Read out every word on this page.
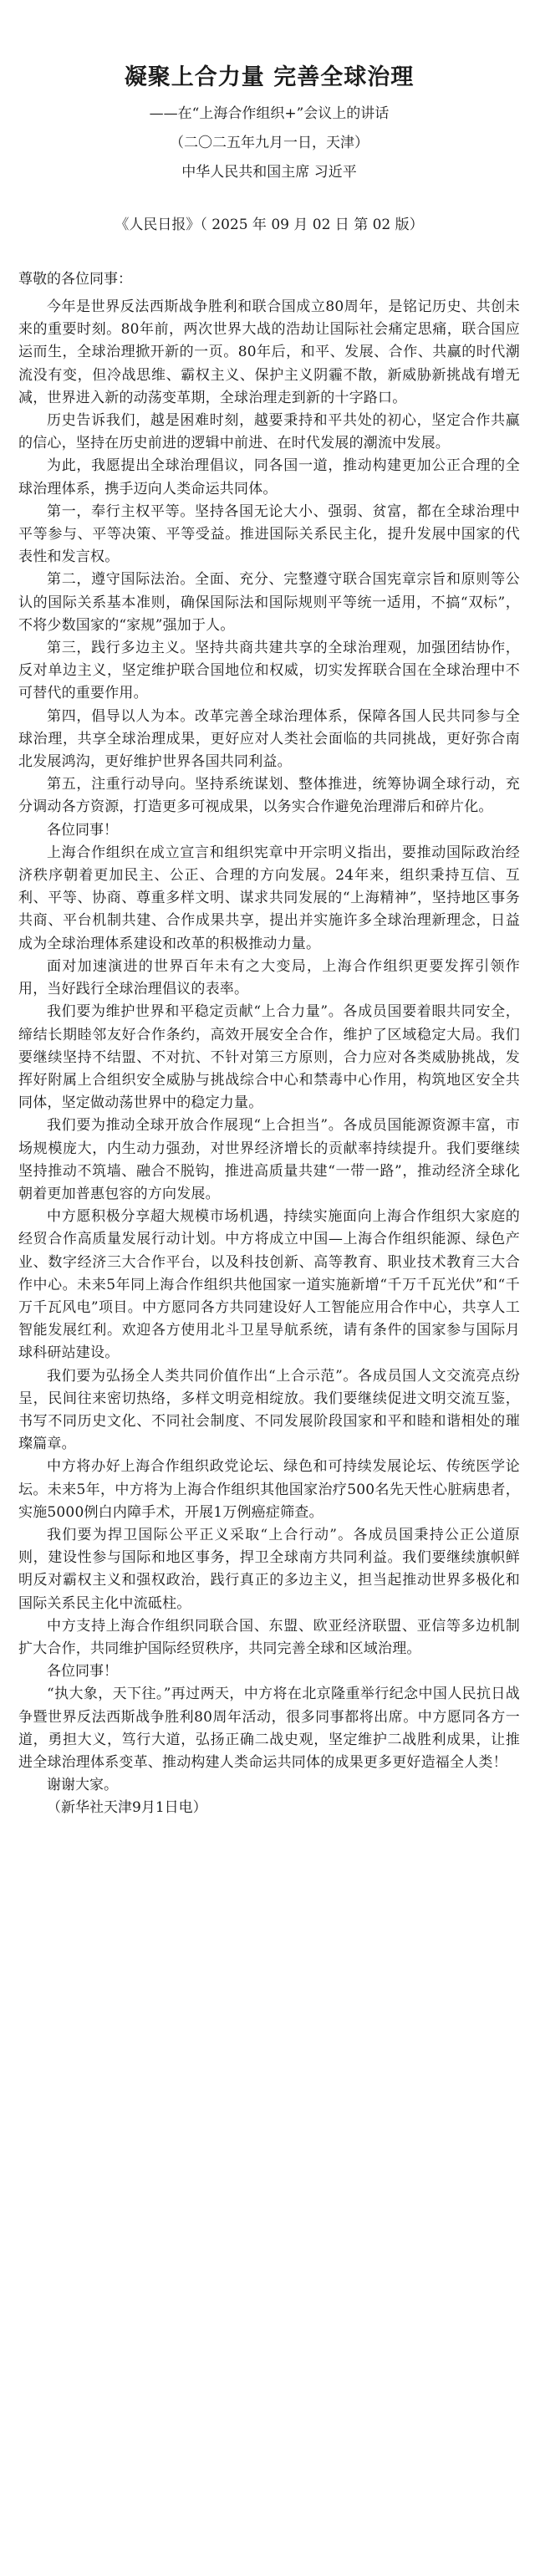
凝聚上合力量 完善全球治理

——在“上海合作组织+”会议上的讲话

（二〇二五年九月一日，天津）

中华人民共和国主席 习近平

《人民日报》（ 2025 年 09 月 02 日 第 02 版）

尊敬的各位同事：

今年是世界反法西斯战争胜利和联合国成立80周年，是铭记历史、共创未来的重要时刻。80年前，两次世界大战的浩劫让国际社会痛定思痛，联合国应运而生，全球治理掀开新的一页。80年后，和平、发展、合作、共赢的时代潮流没有变，但冷战思维、霸权主义、保护主义阴霾不散，新威胁新挑战有增无减，世界进入新的动荡变革期，全球治理走到新的十字路口。

历史告诉我们，越是困难时刻，越要秉持和平共处的初心，坚定合作共赢的信心，坚持在历史前进的逻辑中前进、在时代发展的潮流中发展。

为此，我愿提出全球治理倡议，同各国一道，推动构建更加公正合理的全球治理体系，携手迈向人类命运共同体。

第一，奉行主权平等。坚持各国无论大小、强弱、贫富，都在全球治理中平等参与、平等决策、平等受益。推进国际关系民主化，提升发展中国家的代表性和发言权。

第二，遵守国际法治。全面、充分、完整遵守联合国宪章宗旨和原则等公认的国际关系基本准则，确保国际法和国际规则平等统一适用，不搞“双标”，不将少数国家的“家规”强加于人。

第三，践行多边主义。坚持共商共建共享的全球治理观，加强团结协作，反对单边主义，坚定维护联合国地位和权威，切实发挥联合国在全球治理中不可替代的重要作用。

第四，倡导以人为本。改革完善全球治理体系，保障各国人民共同参与全球治理，共享全球治理成果，更好应对人类社会面临的共同挑战，更好弥合南北发展鸿沟，更好维护世界各国共同利益。

第五，注重行动导向。坚持系统谋划、整体推进，统筹协调全球行动，充分调动各方资源，打造更多可视成果，以务实合作避免治理滞后和碎片化。

各位同事！

上海合作组织在成立宣言和组织宪章中开宗明义指出，要推动国际政治经济秩序朝着更加民主、公正、合理的方向发展。24年来，组织秉持互信、互利、平等、协商、尊重多样文明、谋求共同发展的“上海精神”，坚持地区事务共商、平台机制共建、合作成果共享，提出并实施许多全球治理新理念，日益成为全球治理体系建设和改革的积极推动力量。

面对加速演进的世界百年未有之大变局，上海合作组织更要发挥引领作用，当好践行全球治理倡议的表率。

我们要为维护世界和平稳定贡献“上合力量”。各成员国要着眼共同安全，缔结长期睦邻友好合作条约，高效开展安全合作，维护了区域稳定大局。我们要继续坚持不结盟、不对抗、不针对第三方原则，合力应对各类威胁挑战，发挥好附属上合组织安全威胁与挑战综合中心和禁毒中心作用，构筑地区安全共同体，坚定做动荡世界中的稳定力量。

我们要为推动全球开放合作展现“上合担当”。各成员国能源资源丰富，市场规模庞大，内生动力强劲，对世界经济增长的贡献率持续提升。我们要继续坚持推动不筑墙、融合不脱钩，推进高质量共建“一带一路”，推动经济全球化朝着更加普惠包容的方向发展。

中方愿积极分享超大规模市场机遇，持续实施面向上海合作组织大家庭的经贸合作高质量发展行动计划。中方将成立中国—上海合作组织能源、绿色产业、数字经济三大合作平台，以及科技创新、高等教育、职业技术教育三大合作中心。未来5年同上海合作组织共他国家一道实施新增“千万千瓦光伏”和“千万千瓦风电”项目。中方愿同各方共同建设好人工智能应用合作中心，共享人工智能发展红利。欢迎各方使用北斗卫星导航系统，请有条件的国家参与国际月球科研站建设。

我们要为弘扬全人类共同价值作出“上合示范”。各成员国人文交流亮点纷呈，民间往来密切热络，多样文明竞相绽放。我们要继续促进文明交流互鉴，书写不同历史文化、不同社会制度、不同发展阶段国家和平和睦和谐相处的璀璨篇章。

中方将办好上海合作组织政党论坛、绿色和可持续发展论坛、传统医学论坛。未来5年，中方将为上海合作组织其他国家治疗500名先天性心脏病患者，实施5000例白内障手术，开展1万例癌症筛查。

我们要为捍卫国际公平正义采取“上合行动”。各成员国秉持公正公道原则，建设性参与国际和地区事务，捍卫全球南方共同利益。我们要继续旗帜鲜明反对霸权主义和强权政治，践行真正的多边主义，担当起推动世界多极化和国际关系民主化中流砥柱。

中方支持上海合作组织同联合国、东盟、欧亚经济联盟、亚信等多边机制扩大合作，共同维护国际经贸秩序，共同完善全球和区域治理。

各位同事！

“执大象，天下往。”再过两天，中方将在北京隆重举行纪念中国人民抗日战争暨世界反法西斯战争胜利80周年活动，很多同事都将出席。中方愿同各方一道，勇担大义，笃行大道，弘扬正确二战史观，坚定维护二战胜利成果，让推进全球治理体系变革、推动构建人类命运共同体的成果更多更好造福全人类！

谢谢大家。

（新华社天津9月1日电）
